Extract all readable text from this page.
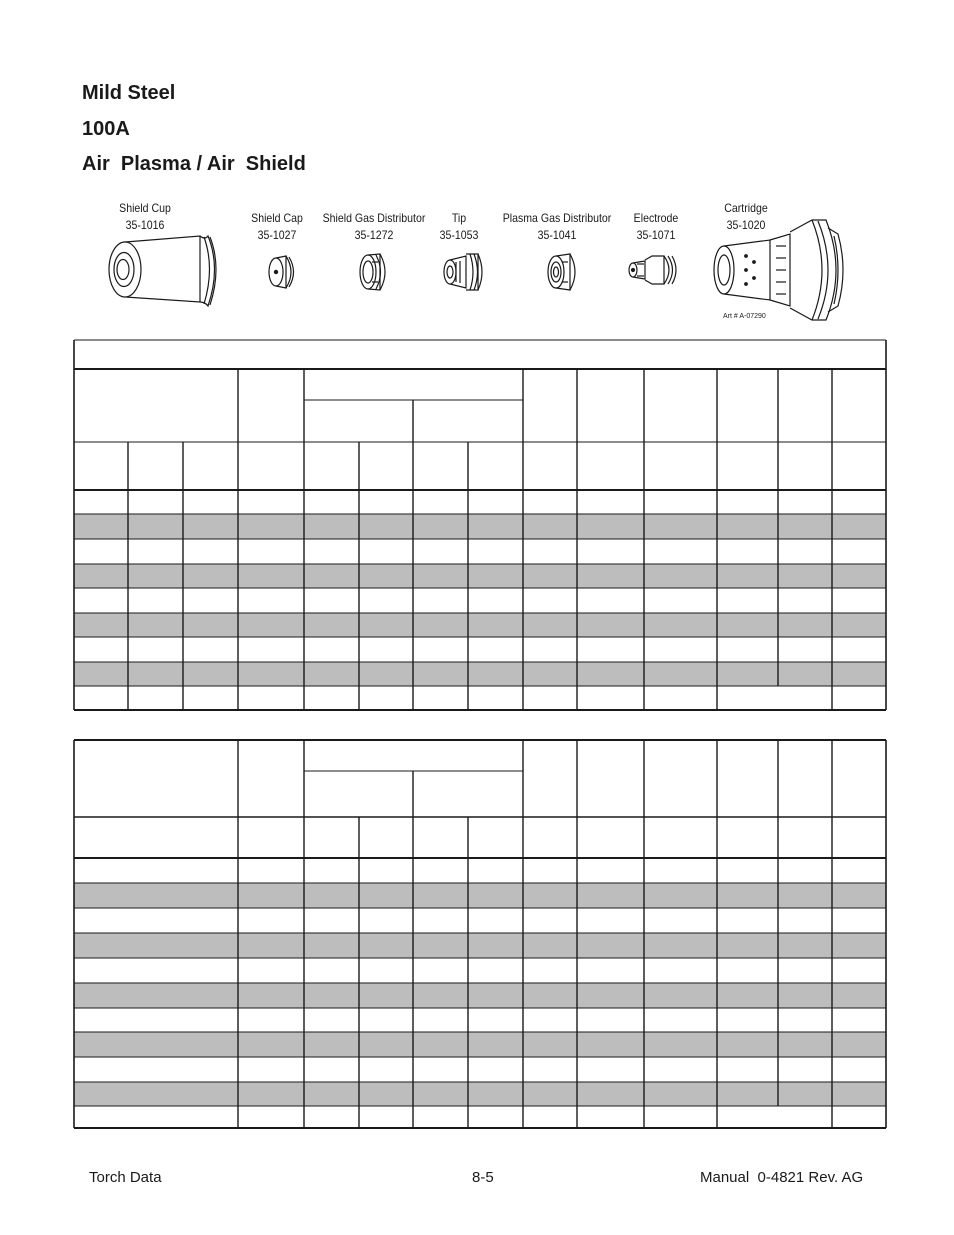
Mild Steel
100A
Air  Plasma / Air  Shield
Shield Cup
35-1016	Shield Cap
35-1027
Shield Gas Distributor
35-1272
Tip
35-1053
Plasma Gas Distributor
35-1041
Electrode
35-1071
Cartridge
35-1020
Art # A-07290
Torch Data	8-5	Manual  0-4821 Rev. AG
